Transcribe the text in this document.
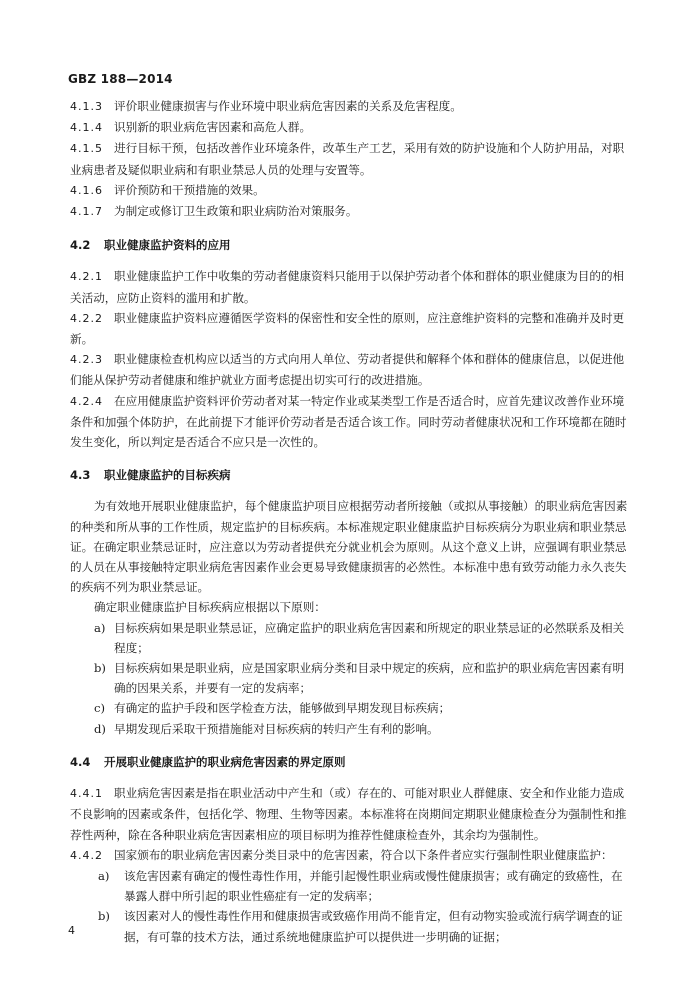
GBZ 188—2014

4.1.3 评价职业健康损害与作业环境中职业病危害因素的关系及危害程度。

4.1.4 识别新的职业病危害因素和高危人群。

4.1.5 进行目标干预，包括改善作业环境条件，改革生产工艺，采用有效的防护设施和个人防护用品，对职业病患者及疑似职业病和有职业禁忌人员的处理与安置等。

4.1.6 评价预防和干预措施的效果。

4.1.7 为制定或修订卫生政策和职业病防治对策服务。

4.2 职业健康监护资料的应用

4.2.1 职业健康监护工作中收集的劳动者健康资料只能用于以保护劳动者个体和群体的职业健康为目的的相关活动，应防止资料的滥用和扩散。

4.2.2 职业健康监护资料应遵循医学资料的保密性和安全性的原则，应注意维护资料的完整和准确并及时更新。

4.2.3 职业健康检查机构应以适当的方式向用人单位、劳动者提供和解释个体和群体的健康信息，以促进他们能从保护劳动者健康和维护就业方面考虑提出切实可行的改进措施。

4.2.4 在应用健康监护资料评价劳动者对某一特定作业或某类型工作是否适合时，应首先建议改善作业环境条件和加强个体防护，在此前提下才能评价劳动者是否适合该工作。同时劳动者健康状况和工作环境都在随时发生变化，所以判定是否适合不应只是一次性的。

4.3 职业健康监护的目标疾病

为有效地开展职业健康监护，每个健康监护项目应根据劳动者所接触（或拟从事接触）的职业病危害因素的种类和所从事的工作性质，规定监护的目标疾病。本标准规定职业健康监护目标疾病分为职业病和职业禁忌证。在确定职业禁忌证时，应注意以为劳动者提供充分就业机会为原则。从这个意义上讲，应强调有职业禁忌的人员在从事接触特定职业病危害因素作业会更易导致健康损害的必然性。本标准中患有致劳动能力永久丧失的疾病不列为职业禁忌证。

确定职业健康监护目标疾病应根据以下原则：

a) 目标疾病如果是职业禁忌证，应确定监护的职业病危害因素和所规定的职业禁忌证的必然联系及相关程度；
b) 目标疾病如果是职业病，应是国家职业病分类和目录中规定的疾病，应和监护的职业病危害因素有明确的因果关系，并要有一定的发病率；
c) 有确定的监护手段和医学检查方法，能够做到早期发现目标疾病；
d) 早期发现后采取干预措施能对目标疾病的转归产生有利的影响。
4.4 开展职业健康监护的职业病危害因素的界定原则

4.4.1 职业病危害因素是指在职业活动中产生和（或）存在的、可能对职业人群健康、安全和作业能力造成不良影响的因素或条件，包括化学、物理、生物等因素。本标准将在岗期间定期职业健康检查分为强制性和推荐性两种，除在各种职业病危害因素相应的项目标明为推荐性健康检查外，其余均为强制性。

4.4.2 国家颁布的职业病危害因素分类目录中的危害因素，符合以下条件者应实行强制性职业健康监护：

a) 该危害因素有确定的慢性毒性作用，并能引起慢性职业病或慢性健康损害；或有确定的致癌性，在暴露人群中所引起的职业性癌症有一定的发病率；
b) 该因素对人的慢性毒性作用和健康损害或致癌作用尚不能肯定，但有动物实验或流行病学调查的证据，有可靠的技术方法，通过系统地健康监护可以提供进一步明确的证据；
4
